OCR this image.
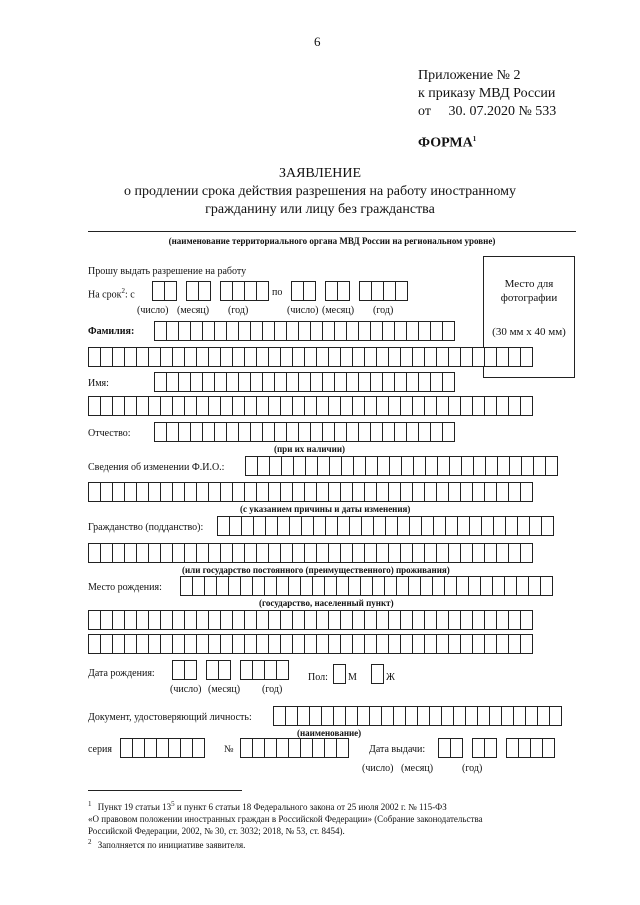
6
Приложение № 2
к приказу МВД России
от 30. 07.2020 № 533
ФОРМА$^1$
ЗАЯВЛЕНИЕ
о продлении срока действия разрешения на работу иностранному
гражданину или лицу без гражданства
(наименование территориального органа МВД России на региональном уровне)
Место для
фотографии
(30 мм x 40 мм)
Прошу выдать разрешение на работу
На срок$^2$: с	по
(число) (месяц) (год)	(число) (месяц) (год)
Фамилия:
Имя:
Отчество:
(при их наличии)
Сведения об изменении Ф.И.О.:
(с указанием причины и даты изменения)
Гражданство (подданство):
(или государство постоянного (преимущественного) проживания)
Место рождения:
(государство, населенный пункт)
Дата рождения:
(число) (месяц) (год)
Пол: М	Ж
Документ, удостоверяющий личность:
(наименование)
серия	№	Дата выдачи:
(число) (месяц)	(год)
$^1$ Пункт 19 статьи $13^5$ и пункт 6 статьи 18 Федерального закона от 25 июля 2002 г. № 115-ФЗ
«О правовом положении иностранных граждан в Российской Федерации» (Собрание законодательства
Российской Федерации, 2002, № 30, ст. 3032; 2018, № 53, ст. 8454).
$^2$ Заполняется по инициативе заявителя.
